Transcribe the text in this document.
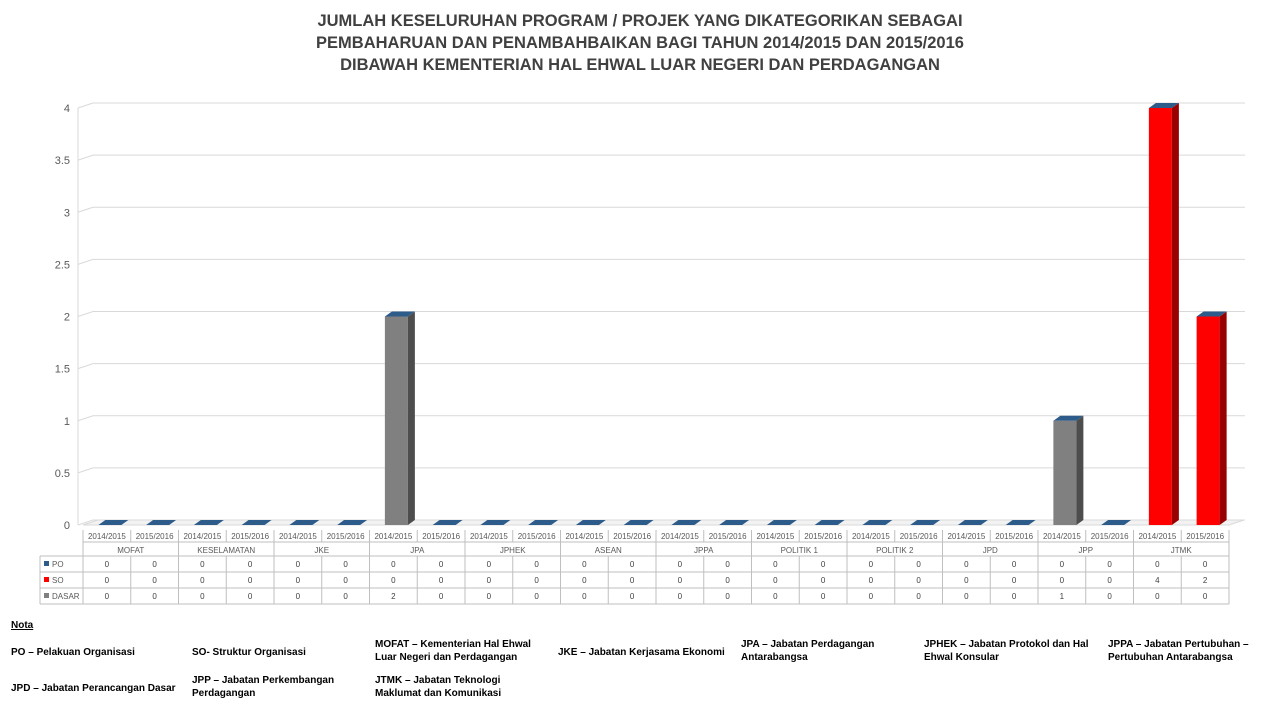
JUMLAH KESELURUHAN PROGRAM / PROJEK YANG DIKATEGORIKAN SEBAGAI
PEMBAHARUAN DAN PENAMBAHBAIKAN BAGI TAHUN 2014/2015 DAN 2015/2016
DIBAWAH KEMENTERIAN HAL EHWAL LUAR NEGERI DAN PERDAGANGAN
0
0.5
1
1.5
2
2.5
3
3.5
4
2014/2015 2015/2016 2014/2015 2015/2016 2014/2015 2015/2016 2014/2015 2015/2016 2014/2015 2015/2016 2014/2015 2015/2016 2014/2015 2015/2016 2014/2015 2015/2016 2014/2015 2015/2016 2014/2015 2015/2016 2014/2015 2015/2016 2014/2015 2015/2016
MOFAT	KESELAMATAN	JKE	JPA	JPHEK	ASEAN	JPPA	POLITIK 1	POLITIK 2	JPD	JPP	JTMK
PO	0	0	0	0	0	0	0	0	0	0	0	0	0	0	0	0	0	0	0	0	0	0	0	0
SO	0	0	0	0	0	0	0	0	0	0	0	0	0	0	0	0	0	0	0	0	0	0	4	2
DASAR	0	0	0	0	0	0	2	0	0	0	0	0	0	0	0	0	0	0	0	0	1	0	0	0
Nota
PO – Pelakuan Organisasi	SO- Struktur Organisasi
MOFAT – Kementerian Hal Ehwal Luar Negeri dan Perdagangan	JKE – Jabatan Kerjasama Ekonomi
JPA – Jabatan Perdagangan Antarabangsa
JPHEK – Jabatan Protokol dan Hal Ehwal Konsular
JPPA – Jabatan Pertubuhan – Pertubuhan Antarabangsa
JPD – Jabatan Perancangan Dasar
JPP – Jabatan Perkembangan Perdagangan
JTMK – Jabatan Teknologi Maklumat dan Komunikasi
